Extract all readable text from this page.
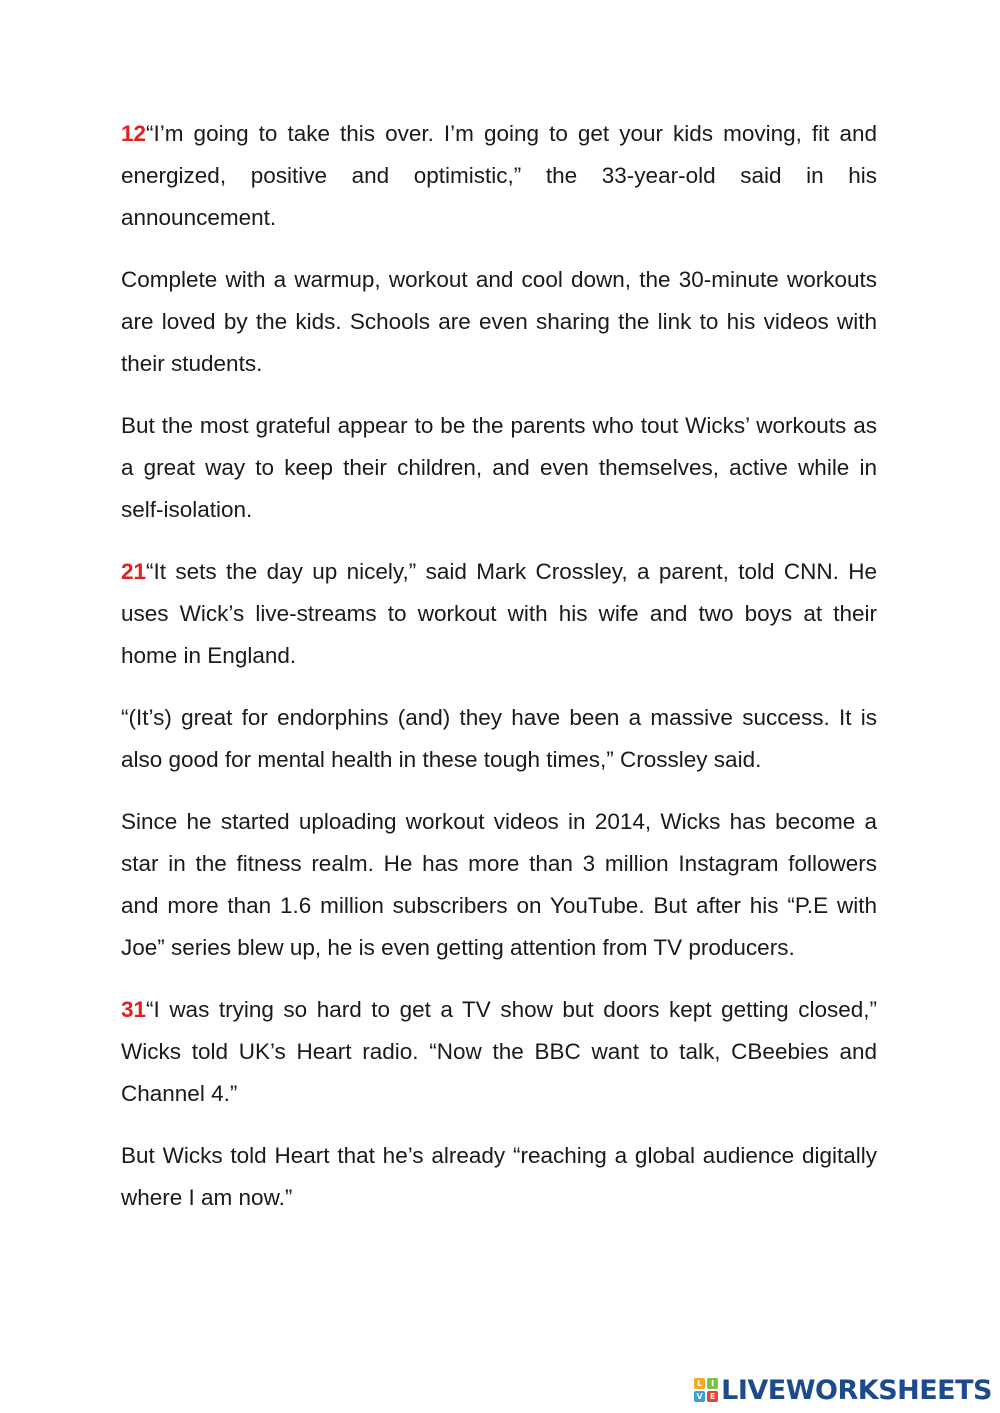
12“I’m going to take this over. I’m going to get your kids moving, fit and energized, positive and optimistic,” the 33-year-old said in his announcement.

Complete with a warmup, workout and cool down, the 30-minute workouts are loved by the kids. Schools are even sharing the link to his videos with their students.

But the most grateful appear to be the parents who tout Wicks’ workouts as a great way to keep their children, and even themselves, active while in self-isolation.

21“It sets the day up nicely,” said Mark Crossley, a parent, told CNN. He uses Wick’s live-streams to workout with his wife and two boys at their home in England.

“(It’s) great for endorphins (and) they have been a massive success. It is also good for mental health in these tough times,” Crossley said.

Since he started uploading workout videos in 2014, Wicks has become a star in the fitness realm. He has more than 3 million Instagram followers and more than 1.6 million subscribers on YouTube. But after his “P.E with Joe” series blew up, he is even getting attention from TV producers.

31“I was trying so hard to get a TV show but doors kept getting closed,” Wicks told UK’s Heart radio. “Now the BBC want to talk, CBeebies and Channel 4.”

But Wicks told Heart that he’s already “reaching a global audience digitally where I am now.”

L	I
V E LIVEWORKSHEETS
